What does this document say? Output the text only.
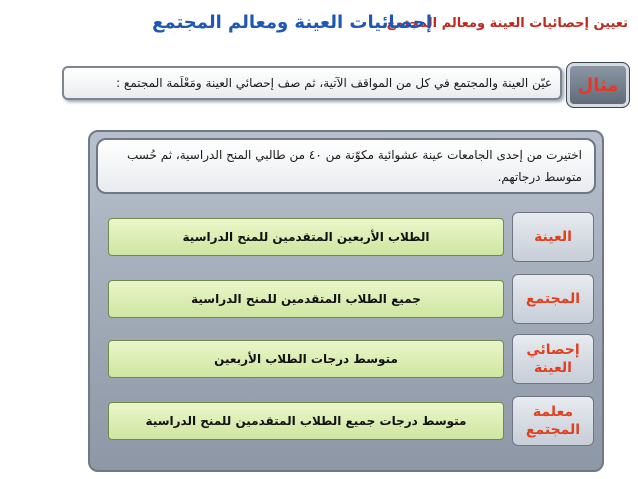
تعيين إحصائيات العينة ومعالم المجتمع
إحصائيات العينة ومعالم المجتمع
مثال
عيّن العينة والمجتمع في كل من المواقف الآتية، ثم صف إحصائي العينة ومَعْلَمة المجتمع :
اختيرت من إحدى الجامعات عينة عشوائية مكوّنة من ٤٠ من طالبي المنح الدراسية، ثم حُسب متوسط درجاتهم.
العينة
الطلاب الأربعين المتقدمين للمنح الدراسية
المجتمع
جميع الطلاب المتقدمين للمنح الدراسية
إحصائي العينة
متوسط درجات الطلاب الأربعين
معلمة المجتمع
متوسط درجات جميع الطلاب المتقدمين للمنح الدراسية
